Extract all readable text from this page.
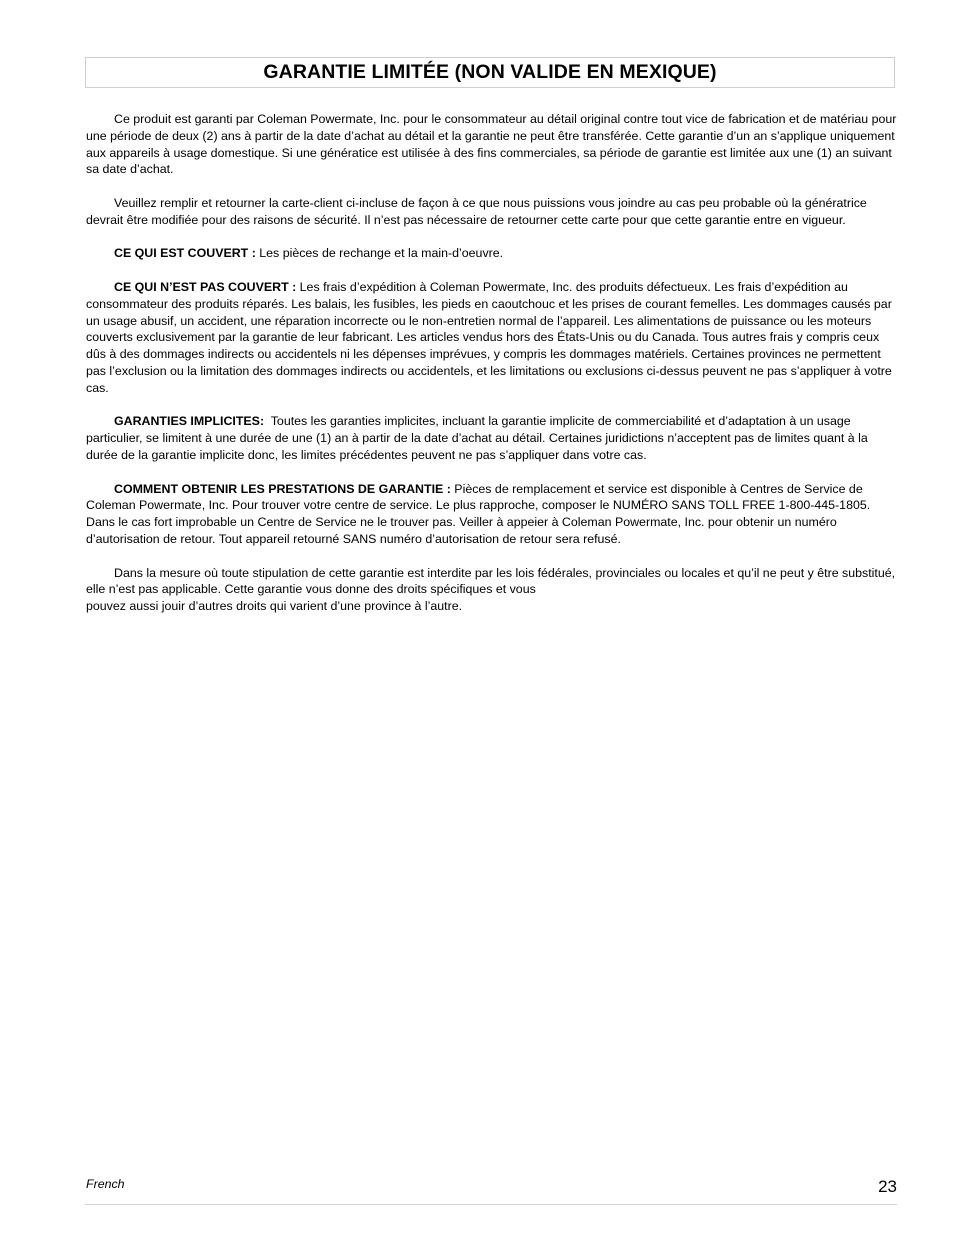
GARANTIE LIMITÉE (NON VALIDE EN MEXIQUE)

Ce produit est garanti par Coleman Powermate, Inc. pour le consommateur au détail original contre tout vice de fabrication et de matériau pour une période de deux (2) ans à partir de la date d’achat au détail et la garantie ne peut être transférée. Cette garantie d’un an s’applique uniquement aux appareils à usage domestique. Si une génératice est utilisée à des fins commerciales, sa période de garantie est limitée aux une (1) an suivant sa date d’achat.

Veuillez remplir et retourner la carte-client ci-incluse de façon à ce que nous puissions vous joindre au cas peu probable où la génératrice devrait être modifiée pour des raisons de sécurité. Il n’est pas nécessaire de retourner cette carte pour que cette garantie entre en vigueur.

CE QUI EST COUVERT : Les pièces de rechange et la main-d’oeuvre.

CE QUI N’EST PAS COUVERT : Les frais d’expédition à Coleman Powermate, Inc. des produits défectueux. Les frais d’expédition au consommateur des produits réparés. Les balais, les fusibles, les pieds en caoutchouc et les prises de courant femelles. Les dommages causés par un usage abusif, un accident, une réparation incorrecte ou le non-entretien normal de l’appareil. Les alimentations de puissance ou les moteurs couverts exclusivement par la garantie de leur fabricant. Les articles vendus hors des États-Unis ou du Canada. Tous autres frais y compris ceux dûs à des dommages indirects ou accidentels ni les dépenses imprévues, y compris les dommages matériels. Certaines provinces ne permettent pas l’exclusion ou la limitation des dommages indirects ou accidentels, et les limitations ou exclusions ci-dessus peuvent ne pas s’appliquer à votre cas.

GARANTIES IMPLICITES:  Toutes les garanties implicites, incluant la garantie implicite de commerciabilité et d’adaptation à un usage particulier, se limitent à une durée de une (1) an à partir de la date d’achat au détail. Certaines juridictions n’acceptent pas de limites quant à la durée de la garantie implicite donc, les limites précédentes peuvent ne pas s’appliquer dans votre cas.

COMMENT OBTENIR LES PRESTATIONS DE GARANTIE : Pièces de remplacement et service est disponible à Centres de Service de Coleman Powermate, Inc. Pour trouver votre centre de service. Le plus rapproche, composer le NUMÉRO SANS TOLL FREE 1-800-445-1805. Dans le cas fort improbable un Centre de Service ne le trouver pas. Veiller à appeier à Coleman Powermate, Inc. pour obtenir un numéro d’autorisation de retour. Tout appareil retourné SANS numéro d’autorisation de retour sera refusé.

Dans la mesure où toute stipulation de cette garantie est interdite par les lois fédérales, provinciales ou locales et qu’il ne peut y être substitué, elle n’est pas applicable. Cette garantie vous donne des droits spécifiques et vous

pouvez aussi jouir d’autres droits qui varient d’une province à l’autre.

French	23
